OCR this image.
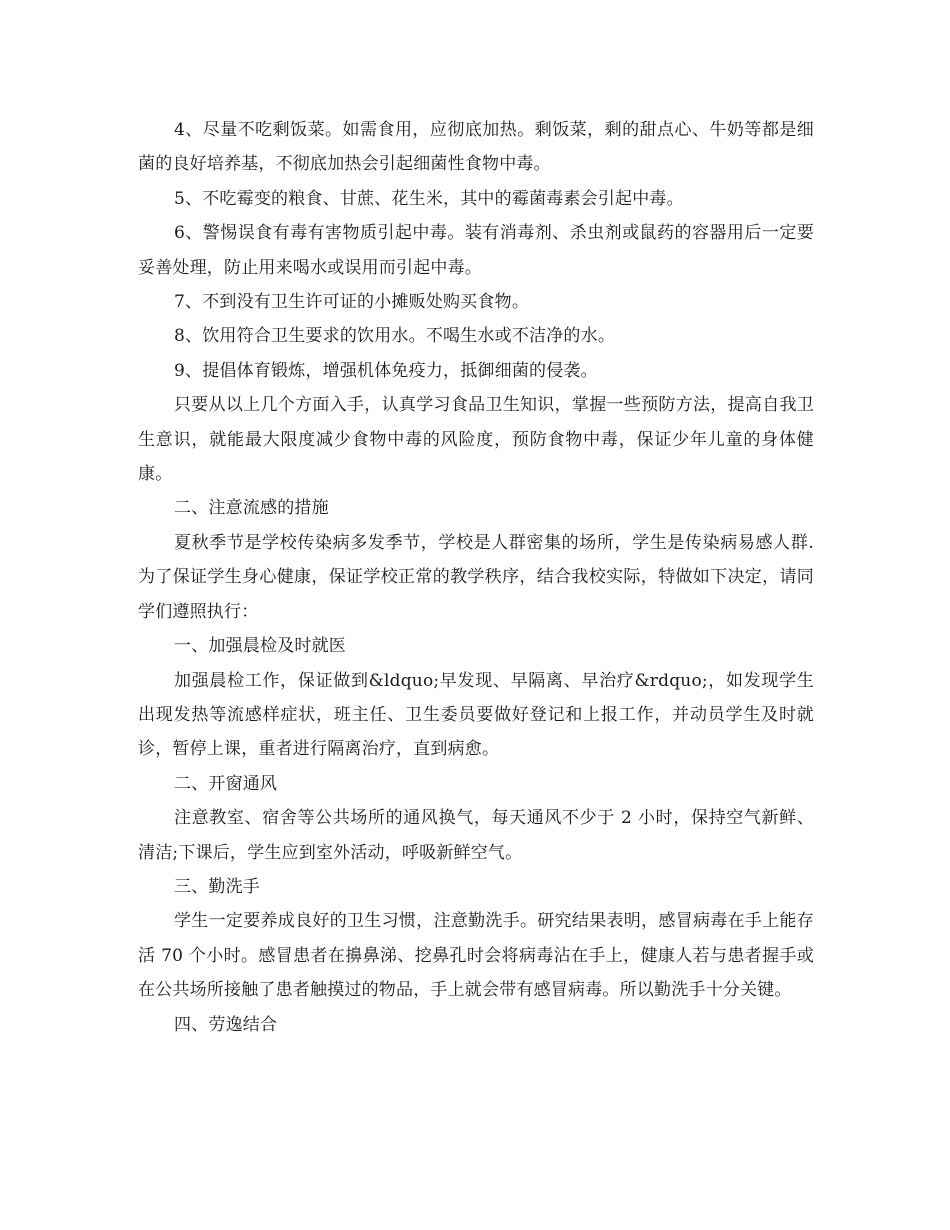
4、尽量不吃剩饭菜。如需食用，应彻底加热。剩饭菜，剩的甜点心、牛奶等都是细菌的良好培养基，不彻底加热会引起细菌性食物中毒。

5、不吃霉变的粮食、甘蔗、花生米，其中的霉菌毒素会引起中毒。

6、警惕误食有毒有害物质引起中毒。装有消毒剂、杀虫剂或鼠药的容器用后一定要妥善处理，防止用来喝水或误用而引起中毒。

7、不到没有卫生许可证的小摊贩处购买食物。

8、饮用符合卫生要求的饮用水。不喝生水或不洁净的水。

9、提倡体育锻炼，增强机体免疫力，抵御细菌的侵袭。

只要从以上几个方面入手，认真学习食品卫生知识，掌握一些预防方法，提高自我卫生意识，就能最大限度减少食物中毒的风险度，预防食物中毒，保证少年儿童的身体健康。

二、注意流感的措施

夏秋季节是学校传染病多发季节，学校是人群密集的场所，学生是传染病易感人群.为了保证学生身心健康，保证学校正常的教学秩序，结合我校实际，特做如下决定，请同学们遵照执行：

一、加强晨检及时就医

加强晨检工作，保证做到&ldquo;早发现、早隔离、早治疗&rdquo;，如发现学生出现发热等流感样症状，班主任、卫生委员要做好登记和上报工作，并动员学生及时就诊，暂停上课，重者进行隔离治疗，直到病愈。

二、开窗通风

注意教室、宿舍等公共场所的通风换气，每天通风不少于 2 小时，保持空气新鲜、清洁;下课后，学生应到室外活动，呼吸新鲜空气。

三、勤洗手

学生一定要养成良好的卫生习惯，注意勤洗手。研究结果表明，感冒病毒在手上能存活 70 个小时。感冒患者在擤鼻涕、挖鼻孔时会将病毒沾在手上，健康人若与患者握手或在公共场所接触了患者触摸过的物品，手上就会带有感冒病毒。所以勤洗手十分关键。

四、劳逸结合
